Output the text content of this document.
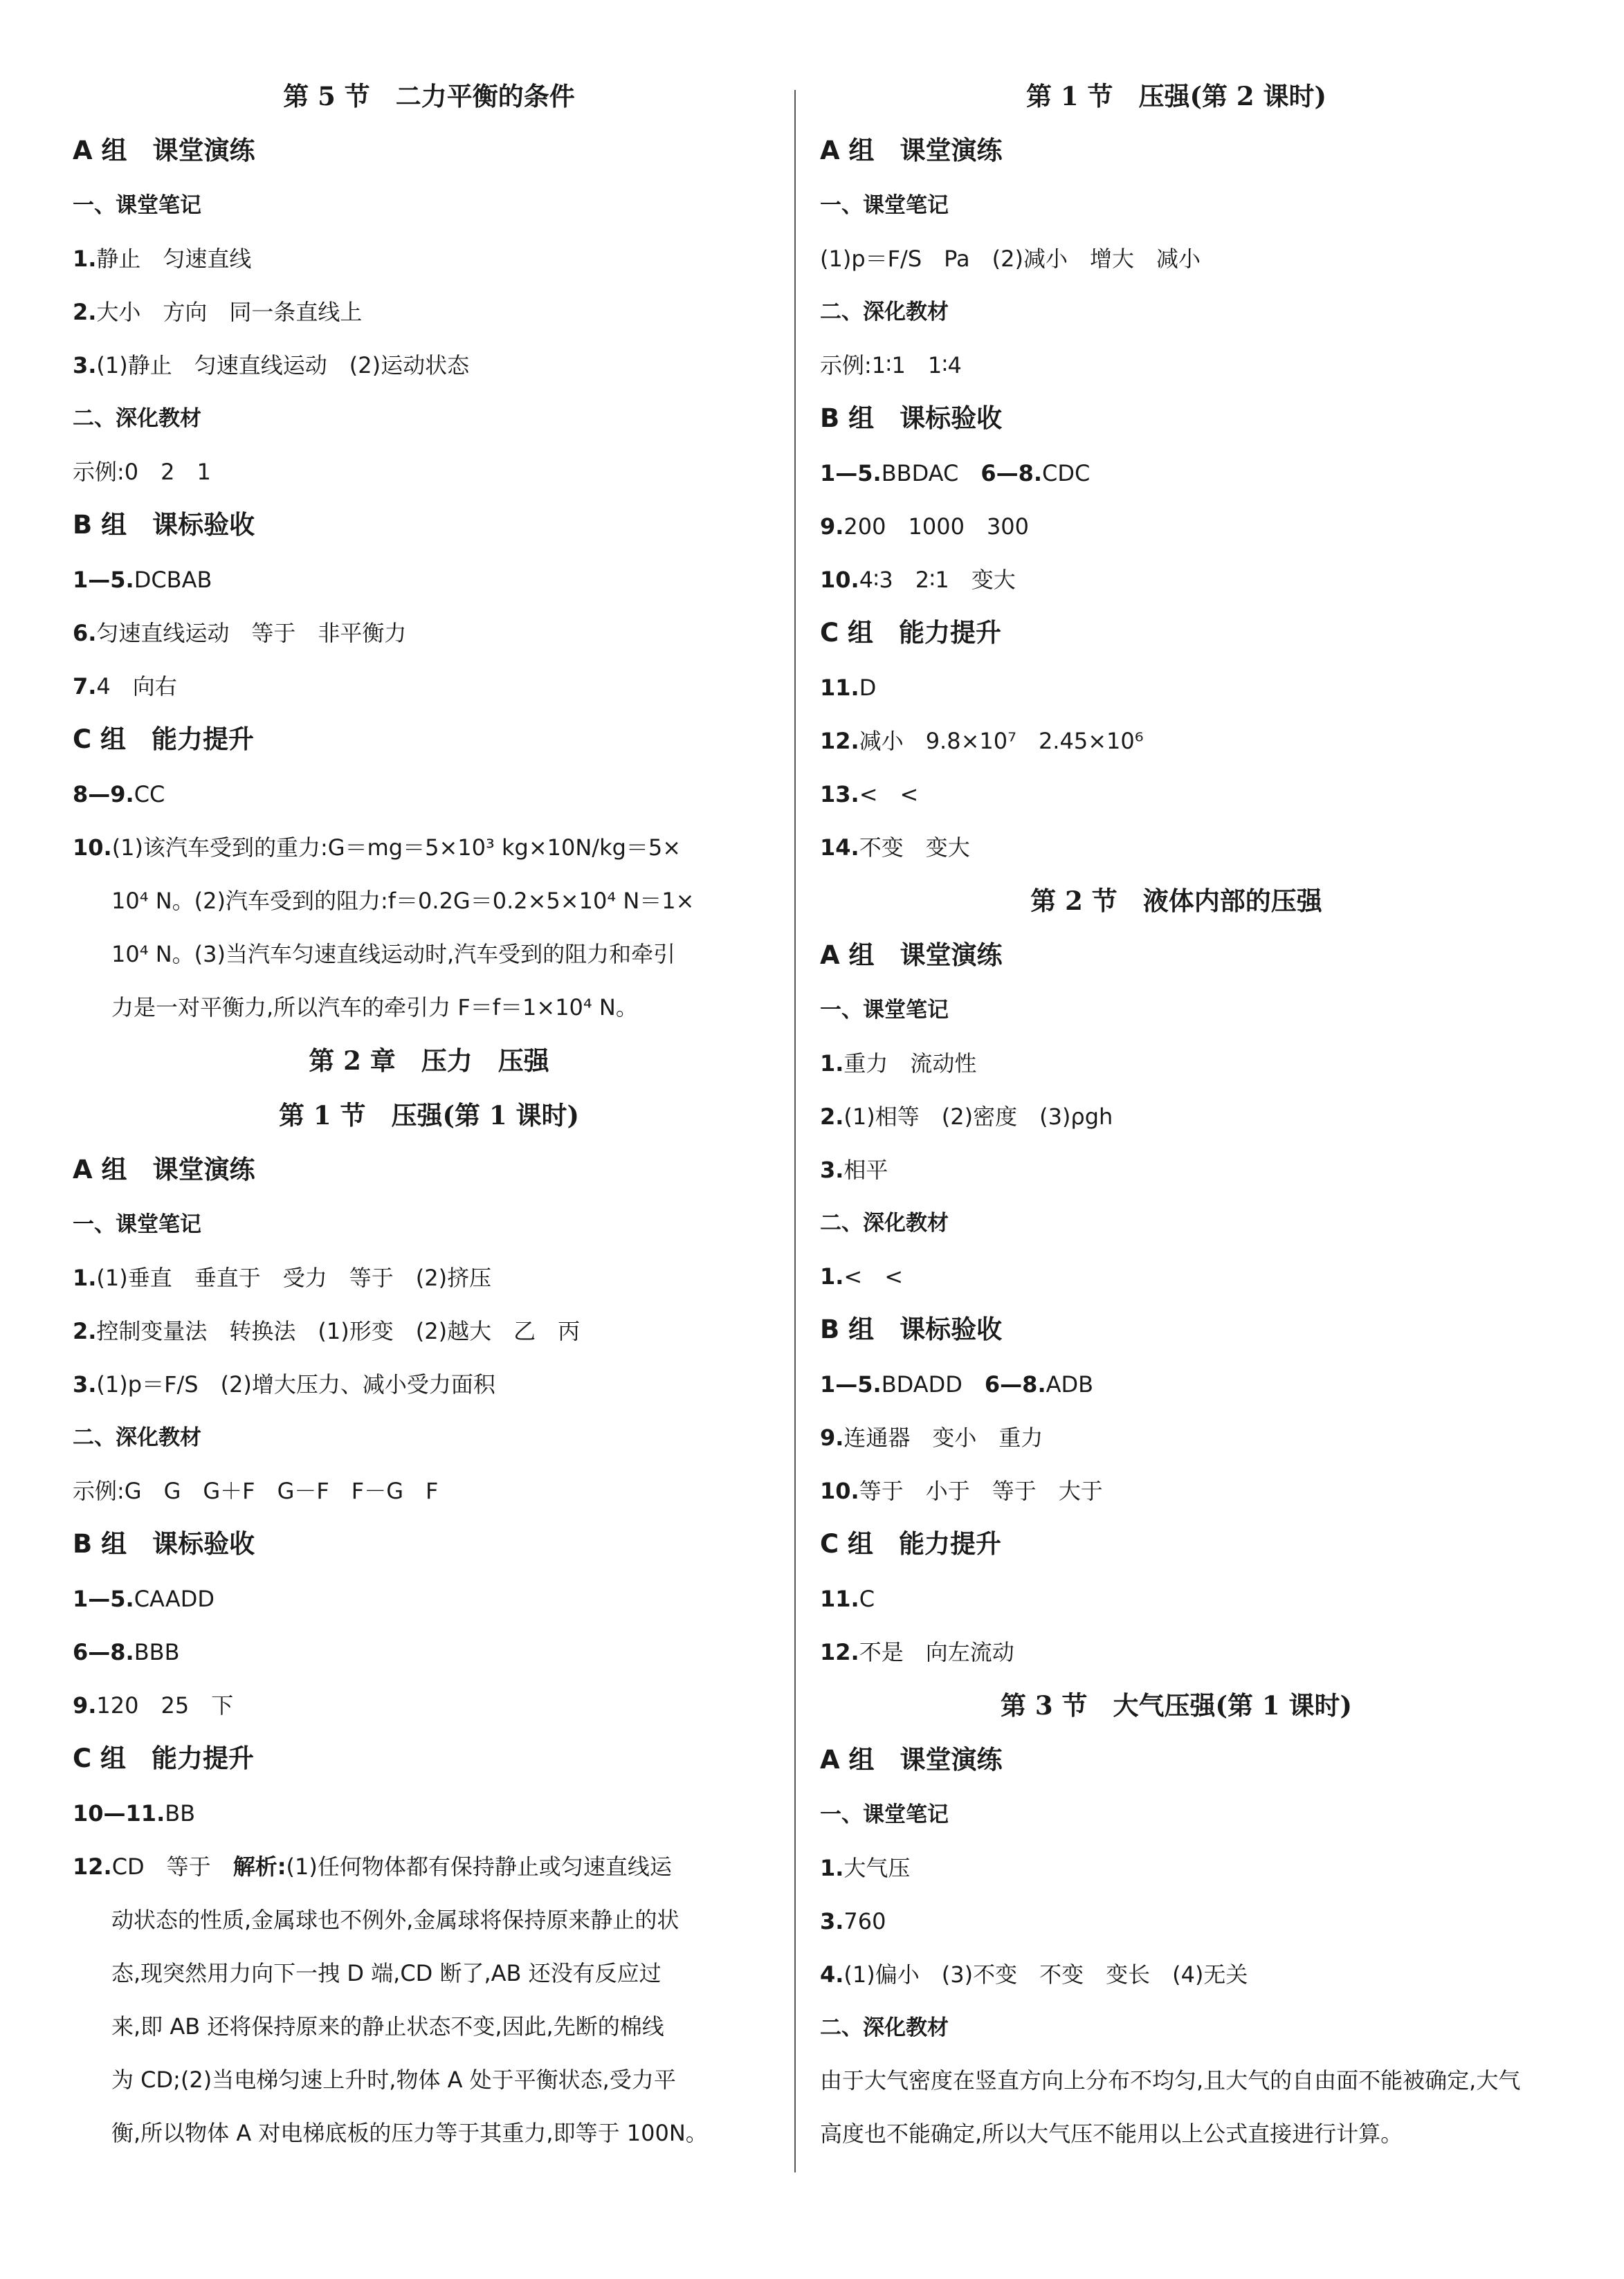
第 5 节　二力平衡的条件
A 组　课堂演练
一、课堂笔记
1.静止　匀速直线
2.大小　方向　同一条直线上
3.(1)静止　匀速直线运动　(2)运动状态
二、深化教材
示例:0　2　1
B 组　课标验收
1—5.DCBAB
6.匀速直线运动　等于　非平衡力
7.4　向右
C 组　能力提升
8—9.CC
10.(1)该汽车受到的重力:G＝mg＝5×10³ kg×10N/kg＝5×
10⁴ N。(2)汽车受到的阻力:f＝0.2G＝0.2×5×10⁴ N＝1×
10⁴ N。(3)当汽车匀速直线运动时,汽车受到的阻力和牵引
力是一对平衡力,所以汽车的牵引力 F＝f＝1×10⁴ N。
第 2 章　压力　压强
第 1 节　压强(第 1 课时)
A 组　课堂演练
一、课堂笔记
1.(1)垂直　垂直于　受力　等于　(2)挤压
2.控制变量法　转换法　(1)形变　(2)越大　乙　丙
3.(1)p＝F/S　(2)增大压力、减小受力面积
二、深化教材
示例:G　G　G＋F　G－F　F－G　F
B 组　课标验收
1—5.CAADD
6—8.BBB
9.120　25　下
C 组　能力提升
10—11.BB
12.CD　等于　解析:(1)任何物体都有保持静止或匀速直线运
动状态的性质,金属球也不例外,金属球将保持原来静止的状
态,现突然用力向下一拽 D 端,CD 断了,AB 还没有反应过
来,即 AB 还将保持原来的静止状态不变,因此,先断的棉线
为 CD;(2)当电梯匀速上升时,物体 A 处于平衡状态,受力平
衡,所以物体 A 对电梯底板的压力等于其重力,即等于 100N。
第 1 节　压强(第 2 课时)
A 组　课堂演练
一、课堂笔记
(1)p＝F/S　Pa　(2)减小　增大　减小
二、深化教材
示例:1∶1　1∶4
B 组　课标验收
1—5.BBDAC　6—8.CDC
9.200　1000　300
10.4∶3　2∶1　变大
C 组　能力提升
11.D
12.减小　9.8×10⁷　2.45×10⁶
13.<　<
14.不变　变大
第 2 节　液体内部的压强
A 组　课堂演练
一、课堂笔记
1.重力　流动性
2.(1)相等　(2)密度　(3)ρgh
3.相平
二、深化教材
1.<　<
B 组　课标验收
1—5.BDADD　6—8.ADB
9.连通器　变小　重力
10.等于　小于　等于　大于
C 组　能力提升
11.C
12.不是　向左流动
第 3 节　大气压强(第 1 课时)
A 组　课堂演练
一、课堂笔记
1.大气压
3.760
4.(1)偏小　(3)不变　不变　变长　(4)无关
二、深化教材
由于大气密度在竖直方向上分布不均匀,且大气的自由面不能被确定,大气高度也不能确定,所以大气压不能用以上公式直接进行计算。
